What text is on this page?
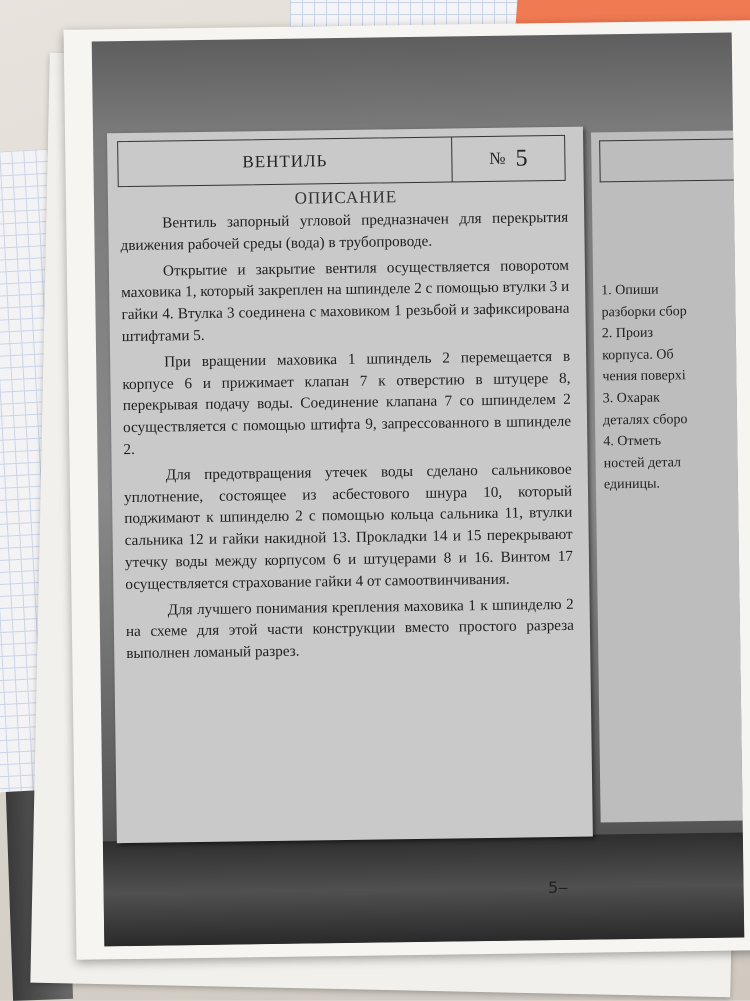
ВЕНТИЛЬ	№ 5
ОПИСАНИЕ

Вентиль запорный угловой предназначен для перекрытия движения рабочей среды (вода) в трубопроводе.

Открытие и закрытие вентиля осуществляется поворотом маховика 1, который закреплен на шпинделе 2 с помощью втулки 3 и гайки 4. Втулка 3 соединена с маховиком 1 резьбой и зафиксирована штифтами 5.

При вращении маховика 1 шпиндель 2 перемещается в корпусе 6 и прижимает клапан 7 к отверстию в штуцере 8, перекрывая подачу воды. Соединение клапана 7 со шпинделем 2 осуществляется с помощью штифта 9, запрессованного в шпинделе 2.

Для предотвращения утечек воды сделано сальниковое уплотнение, состоящее из асбестового шнура 10, который поджимают к шпинделю 2 с помощью кольца сальника 11, втулки сальника 12 и гайки накидной 13. Прокладки 14 и 15 перекрывают утечку воды между корпусом 6 и штуцерами 8 и 16. Винтом 17 осуществляется страхование гайки 4 от самоотвинчивания.

Для лучшего понимания крепления маховика 1 к шпинделю 2 на схеме для этой части конструкции вместо простого разреза выполнен ломаный разрез.

1. Опиши
разборки сбор
2. Произ
корпуса. Об
чения поверхі
3. Охарак
деталях сборо
4. Отметь
ностей детал
единицы.
5‒
